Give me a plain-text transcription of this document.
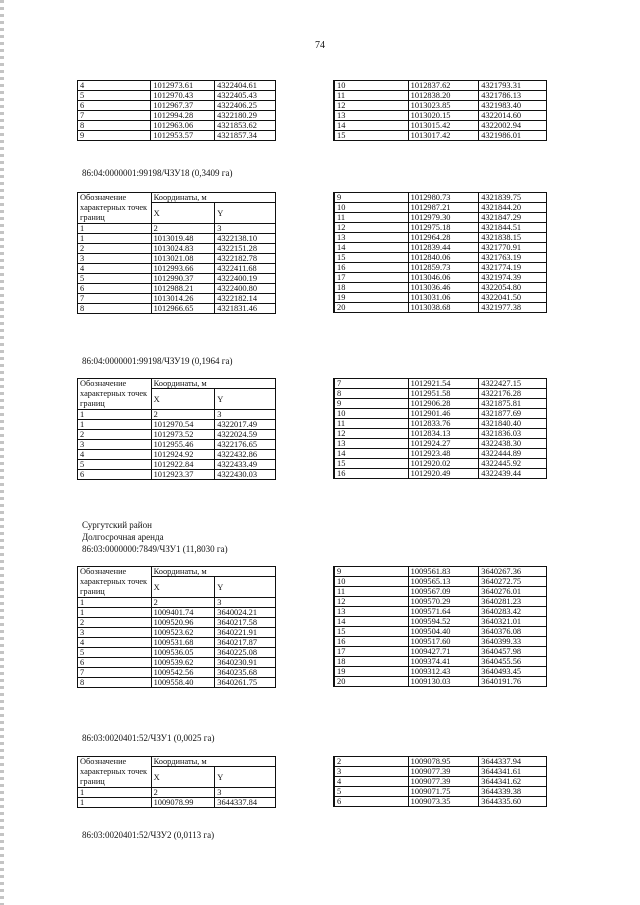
74
4	1012973.61	4322404.61
5	1012970.43	4322405.43
6	1012967.37	4322406.25
7	1012994.28	4322180.29
8	1012963.06	4321853.62
9	1012953.57	4321857.34
10	1012837.62	4321793.31
11	1012838.20	4321786.13
12	1013023.85	4321983.40
13	1013020.15	4322014.60
14	1013015.42	4322002.94
15	1013017.42	4321986.01
86:04:0000001:99198/ЧЗУ18 (0,3409 га)
Обозначение характерных точек границ	Координаты, м	
	X	Y
1	2	3
1	1013019.48	4322138.10
2	1013024.83	4322151.28
3	1013021.08	4322182.78
4	1012993.66	4322411.68
5	1012990.37	4322400.19
6	1012988.21	4322400.80
7	1013014.26	4322182.14
8	1012966.65	4321831.46
9	1012980.73	4321839.75
10	1012987.21	4321844.20
11	1012979.30	4321847.29
12	1012975.18	4321844.51
13	1012964.28	4321838.15
14	1012839.44	4321770.91
15	1012840.06	4321763.19
16	1012859.73	4321774.19
17	1013046.06	4321974.39
18	1013036.46	4322054.80
19	1013031.06	4322041.50
20	1013038.68	4321977.38
86:04:0000001:99198/ЧЗУ19 (0,1964 га)
Обозначение характерных точек границ	Координаты, м	
	X	Y
1	2	3
1	1012970.54	4322017.49
2	1012973.52	4322024.59
3	1012955.46	4322176.65
4	1012924.92	4322432.86
5	1012922.84	4322433.49
6	1012923.37	4322430.03
7	1012921.54	4322427.15
8	1012951.58	4322176.28
9	1012906.28	4321875.81
10	1012901.46	4321877.69
11	1012833.76	4321840.40
12	1012834.13	4321836.03
13	1012924.27	4322438.30
14	1012923.48	4322444.89
15	1012920.02	4322445.92
16	1012920.49	4322439.44
Сургутский район
Долгосрочная аренда
86:03:0000000:7849/ЧЗУ1 (11,8030 га)
Обозначение характерных точек границ	Координаты, м	
	X	Y
1	2	3
1	1009401.74	3640024.21
2	1009520.96	3640217.58
3	1009523.62	3640221.91
4	1009531.68	3640217.87
5	1009536.05	3640225.08
6	1009539.62	3640230.91
7	1009542.56	3640235.68
8	1009558.40	3640261.75
9	1009561.83	3640267.36
10	1009565.13	3640272.75
11	1009567.09	3640276.01
12	1009570.29	3640281.23
13	1009571.64	3640283.42
14	1009594.52	3640321.01
15	1009504.40	3640376.08
16	1009517.60	3640399.33
17	1009427.71	3640457.98
18	1009374.41	3640455.56
19	1009312.43	3640493.45
20	1009130.03	3640191.76
86:03:0020401:52/ЧЗУ1 (0,0025 га)
Обозначение характерных точек границ	Координаты, м	
	X	Y
1	2	3
1	1009078.99	3644337.84
2	1009078.95	3644337.94
3	1009077.39	3644341.61
4	1009077.39	3644341.62
5	1009071.75	3644339.38
6	1009073.35	3644335.60
86:03:0020401:52/ЧЗУ2 (0,0113 га)
